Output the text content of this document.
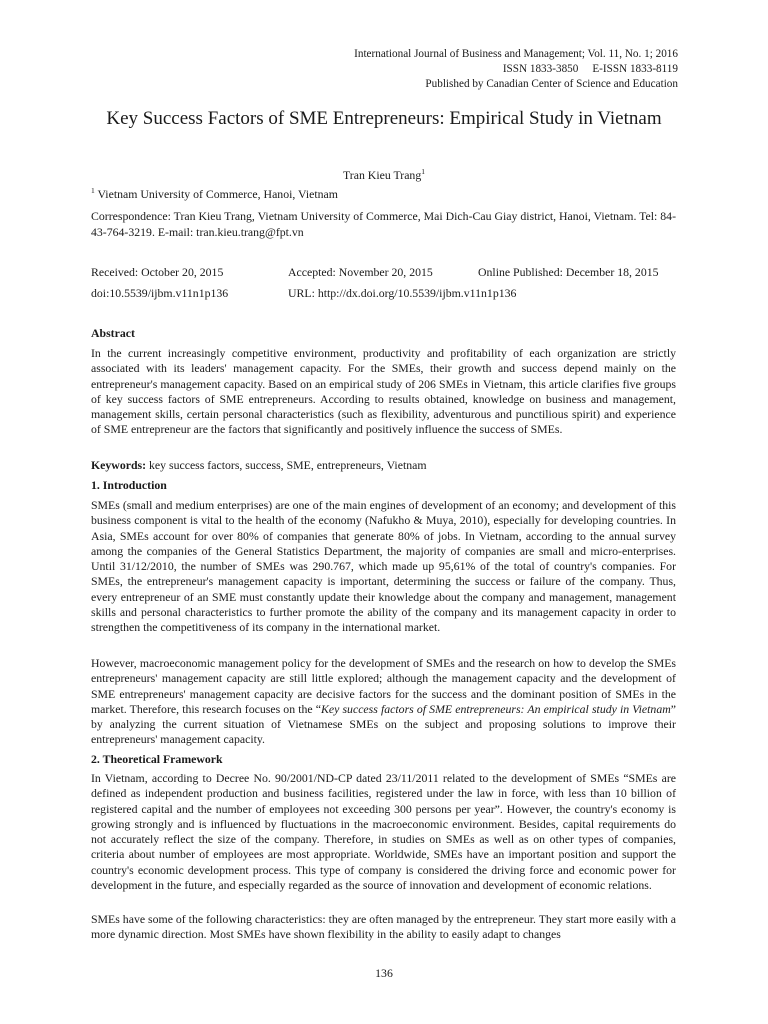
International Journal of Business and Management; Vol. 11, No. 1; 2016
ISSN 1833-3850     E-ISSN 1833-8119
Published by Canadian Center of Science and Education
Key Success Factors of SME Entrepreneurs: Empirical Study in Vietnam
Tran Kieu Trang$^1$
$^1$ Vietnam University of Commerce, Hanoi, Vietnam
Correspondence: Tran Kieu Trang, Vietnam University of Commerce, Mai Dich-Cau Giay district, Hanoi, Vietnam. Tel: 84-43-764-3219. E-mail: tran.kieu.trang@fpt.vn
Received: October 20, 2015	Accepted: November 20, 2015	Online Published: December 18, 2015
doi:10.5539/ijbm.v11n1p136	URL: http://dx.doi.org/10.5539/ijbm.v11n1p136
Abstract
In the current increasingly competitive environment, productivity and profitability of each organization are strictly associated with its leaders' management capacity. For the SMEs, their growth and success depend mainly on the entrepreneur's management capacity. Based on an empirical study of 206 SMEs in Vietnam, this article clarifies five groups of key success factors of SME entrepreneurs. According to results obtained, knowledge on business and management, management skills, certain personal characteristics (such as flexibility, adventurous and punctilious spirit) and experience of SME entrepreneur are the factors that significantly and positively influence the success of SMEs.
Keywords: key success factors, success, SME, entrepreneurs, Vietnam
1. Introduction
SMEs (small and medium enterprises) are one of the main engines of development of an economy; and development of this business component is vital to the health of the economy (Nafukho & Muya, 2010), especially for developing countries. In Asia, SMEs account for over 80% of companies that generate 80% of jobs. In Vietnam, according to the annual survey among the companies of the General Statistics Department, the majority of companies are small and micro-enterprises. Until 31/12/2010, the number of SMEs was 290.767, which made up 95,61% of the total of country's companies. For SMEs, the entrepreneur's management capacity is important, determining the success or failure of the company. Thus, every entrepreneur of an SME must constantly update their knowledge about the company and management, management skills and personal characteristics to further promote the ability of the company and its management capacity in order to strengthen the competitiveness of its company in the international market.
However, macroeconomic management policy for the development of SMEs and the research on how to develop the SMEs entrepreneurs' management capacity are still little explored; although the management capacity and the development of SME entrepreneurs' management capacity are decisive factors for the success and the dominant position of SMEs in the market. Therefore, this research focuses on the “Key success factors of SME entrepreneurs: An empirical study in Vietnam” by analyzing the current situation of Vietnamese SMEs on the subject and proposing solutions to improve their entrepreneurs' management capacity.
2. Theoretical Framework
In Vietnam, according to Decree No. 90/2001/ND-CP dated 23/11/2011 related to the development of SMEs “SMEs are defined as independent production and business facilities, registered under the law in force, with less than 10 billion of registered capital and the number of employees not exceeding 300 persons per year”. However, the country's economy is growing strongly and is influenced by fluctuations in the macroeconomic environment. Besides, capital requirements do not accurately reflect the size of the company. Therefore, in studies on SMEs as well as on other types of companies, criteria about number of employees are most appropriate. Worldwide, SMEs have an important position and support the country's economic development process. This type of company is considered the driving force and economic power for development in the future, and especially regarded as the source of innovation and development of economic relations.
SMEs have some of the following characteristics: they are often managed by the entrepreneur. They start more easily with a more dynamic direction. Most SMEs have shown flexibility in the ability to easily adapt to changes
136
